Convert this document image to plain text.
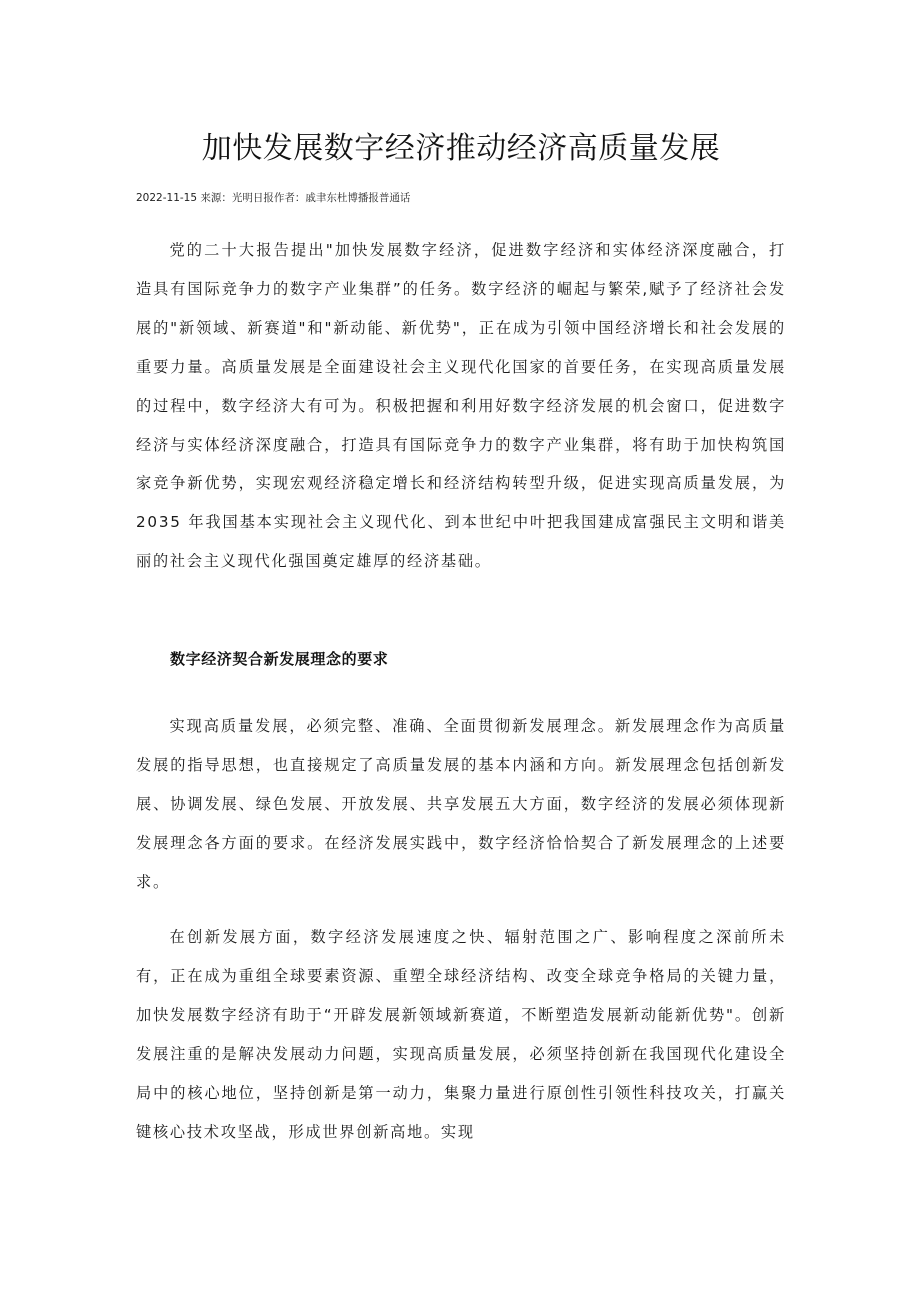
加快发展数字经济推动经济高质量发展
2022-11-15 来源：光明日报作者：戚聿东杜博播报普通话

党的二十大报告提出"加快发展数字经济，促进数字经济和实体经济深度融合，打造具有国际竞争力的数字产业集群”的任务。数字经济的崛起与繁荣,赋予了经济社会发展的"新领域、新赛道"和"新动能、新优势"，正在成为引领中国经济增长和社会发展的重要力量。高质量发展是全面建设社会主义现代化国家的首要任务，在实现高质量发展的过程中，数字经济大有可为。积极把握和利用好数字经济发展的机会窗口，促进数字经济与实体经济深度融合，打造具有国际竞争力的数字产业集群，将有助于加快构筑国家竞争新优势，实现宏观经济稳定增长和经济结构转型升级，促进实现高质量发展，为 2035 年我国基本实现社会主义现代化、到本世纪中叶把我国建成富强民主文明和谐美丽的社会主义现代化强国奠定雄厚的经济基础。

数字经济契合新发展理念的要求

实现高质量发展，必须完整、准确、全面贯彻新发展理念。新发展理念作为高质量发展的指导思想，也直接规定了高质量发展的基本内涵和方向。新发展理念包括创新发展、协调发展、绿色发展、开放发展、共享发展五大方面，数字经济的发展必须体现新发展理念各方面的要求。在经济发展实践中，数字经济恰恰契合了新发展理念的上述要求。

在创新发展方面，数字经济发展速度之快、辐射范围之广、影响程度之深前所未有，正在成为重组全球要素资源、重塑全球经济结构、改变全球竞争格局的关键力量，加快发展数字经济有助于“开辟发展新领域新赛道，不断塑造发展新动能新优势"。创新发展注重的是解决发展动力问题，实现高质量发展，必须坚持创新在我国现代化建设全局中的核心地位，坚持创新是第一动力，集聚力量进行原创性引领性科技攻关，打赢关键核心技术攻坚战，形成世界创新高地。实现
